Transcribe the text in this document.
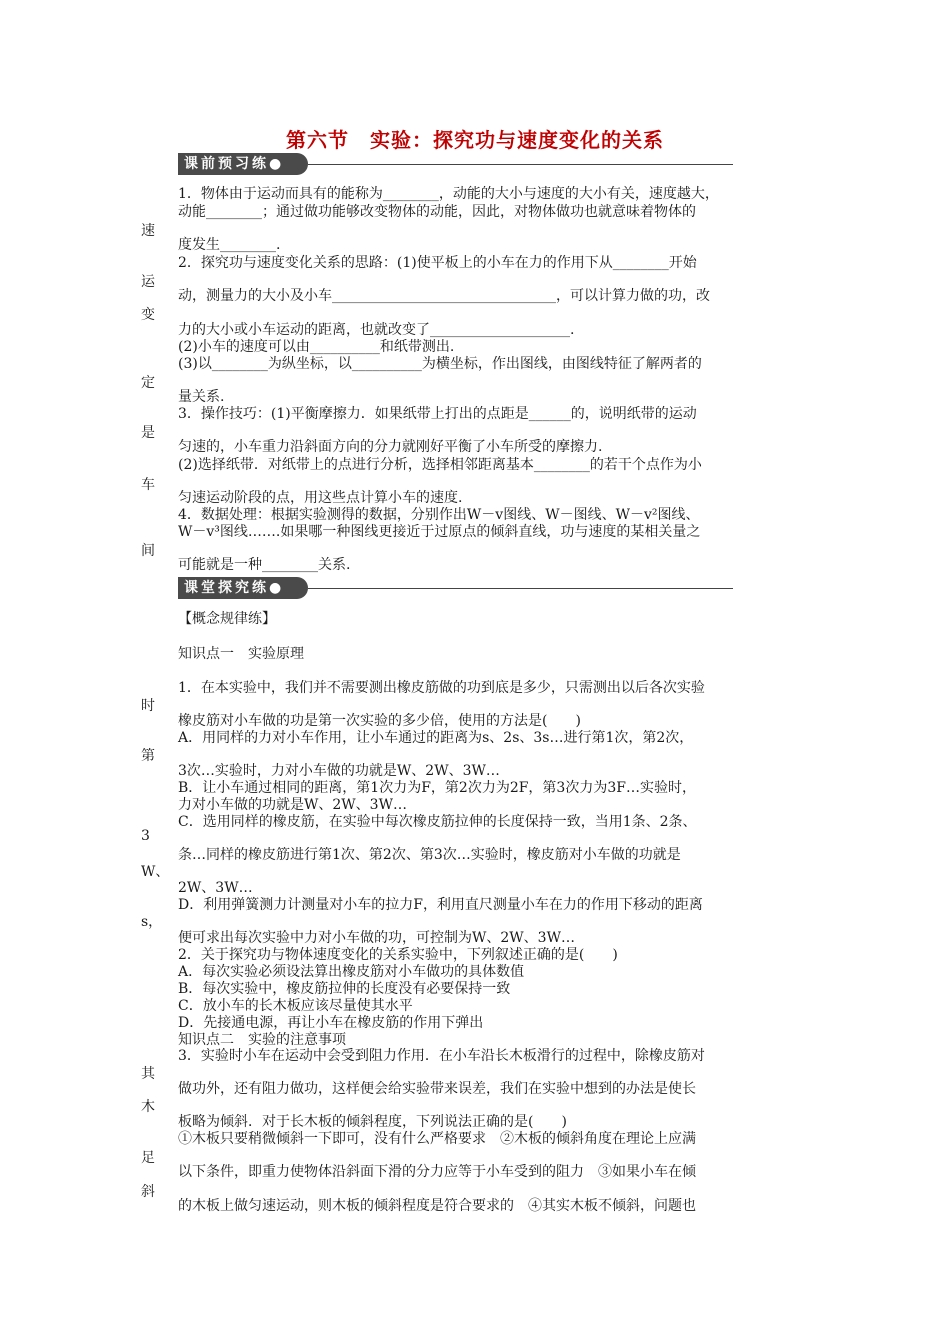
第六节　实验：探究功与速度变化的关系
课前预习练●
课堂探究练●
速
运
变
定
是
车
间
时
第
3
W、
s，
其
木
足
斜
1．物体由于运动而具有的能称为________，动能的大小与速度的大小有关，速度越大，
动能________；通过做功能够改变物体的动能，因此，对物体做功也就意味着物体的
度发生________.
2．探究功与速度变化关系的思路：(1)使平板上的小车在力的作用下从________开始
动，测量力的大小及小车________________________________，可以计算力做的功，改
力的大小或小车运动的距离，也就改变了____________________.
(2)小车的速度可以由__________和纸带测出.
(3)以________为纵坐标，以__________为横坐标，作出图线，由图线特征了解两者的
量关系.
3．操作技巧：(1)平衡摩擦力．如果纸带上打出的点距是______的，说明纸带的运动
匀速的，小车重力沿斜面方向的分力就刚好平衡了小车所受的摩擦力.
(2)选择纸带．对纸带上的点进行分析，选择相邻距离基本________的若干个点作为小
匀速运动阶段的点，用这些点计算小车的速度.
4．数据处理：根据实验测得的数据，分别作出W－v图线、W－图线、W－v²图线、
W－v³图线…….如果哪一种图线更接近于过原点的倾斜直线，功与速度的某相关量之
可能就是一种________关系.
【概念规律练】
知识点一　实验原理
1．在本实验中，我们并不需要测出橡皮筋做的功到底是多少，只需测出以后各次实验
橡皮筋对小车做的功是第一次实验的多少倍，使用的方法是(　　)
A．用同样的力对小车作用，让小车通过的距离为s、2s、3s…进行第1次，第2次，
3次…实验时，力对小车做的功就是W、2W、3W…
B．让小车通过相同的距离，第1次力为F，第2次力为2F，第3次力为3F…实验时，
力对小车做的功就是W、2W、3W…
C．选用同样的橡皮筋，在实验中每次橡皮筋拉伸的长度保持一致，当用1条、2条、
条…同样的橡皮筋进行第1次、第2次、第3次…实验时，橡皮筋对小车做的功就是
2W、3W…
D．利用弹簧测力计测量对小车的拉力F，利用直尺测量小车在力的作用下移动的距离
便可求出每次实验中力对小车做的功，可控制为W、2W、3W…
2．关于探究功与物体速度变化的关系实验中，下列叙述正确的是(　　)
A．每次实验必须设法算出橡皮筋对小车做功的具体数值
B．每次实验中，橡皮筋拉伸的长度没有必要保持一致
C．放小车的长木板应该尽量使其水平
D．先接通电源，再让小车在橡皮筋的作用下弹出
知识点二　实验的注意事项
3．实验时小车在运动中会受到阻力作用．在小车沿长木板滑行的过程中，除橡皮筋对
做功外，还有阻力做功，这样便会给实验带来误差，我们在实验中想到的办法是使长
板略为倾斜．对于长木板的倾斜程度，下列说法正确的是(　　)
①木板只要稍微倾斜一下即可，没有什么严格要求　②木板的倾斜角度在理论上应满
以下条件，即重力使物体沿斜面下滑的分力应等于小车受到的阻力　③如果小车在倾
的木板上做匀速运动，则木板的倾斜程度是符合要求的　④其实木板不倾斜，问题也
